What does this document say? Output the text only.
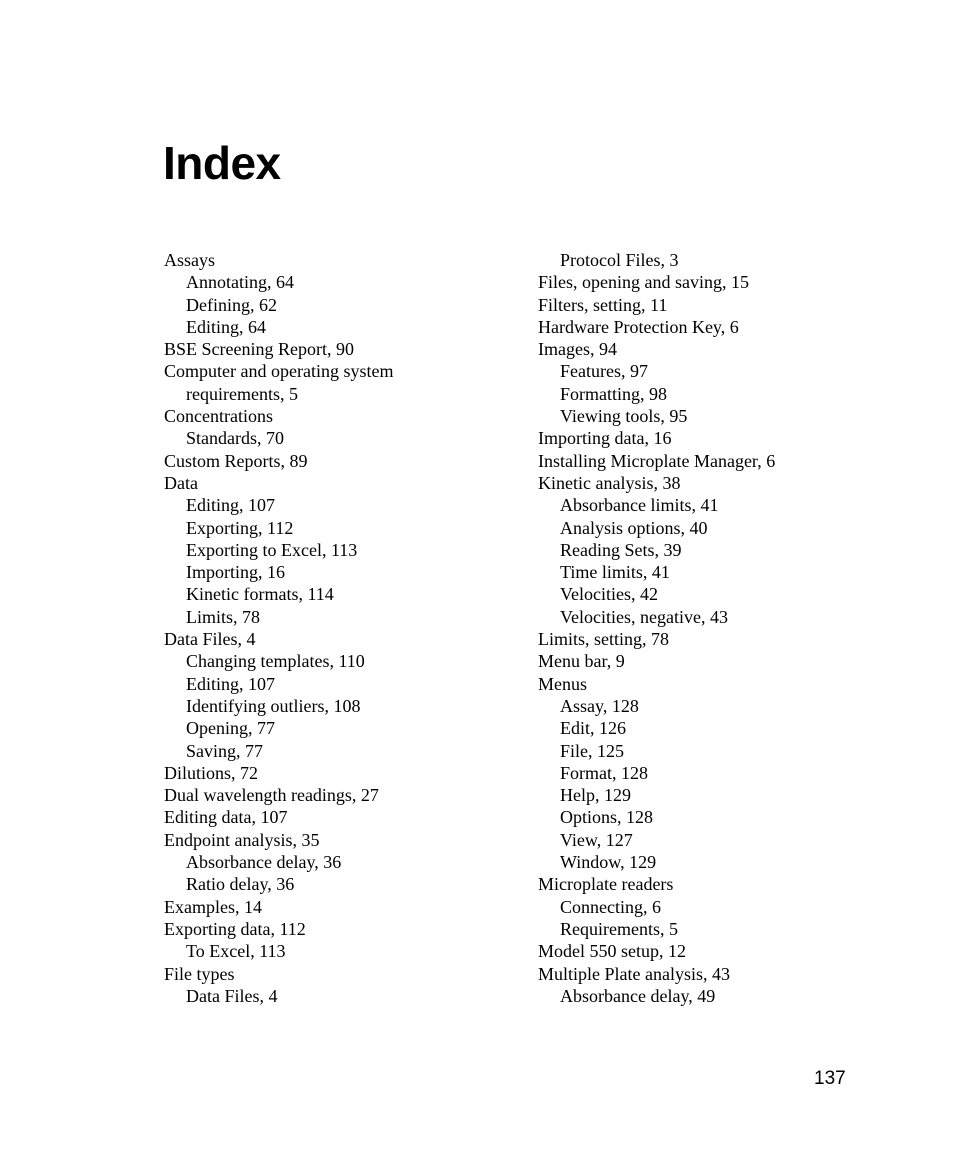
Index
Assays
Annotating, 64
Defining, 62
Editing, 64
BSE Screening Report, 90
Computer and operating system
requirements, 5
Concentrations
Standards, 70
Custom Reports, 89
Data
Editing, 107
Exporting, 112
Exporting to Excel, 113
Importing, 16
Kinetic formats, 114
Limits, 78
Data Files, 4
Changing templates, 110
Editing, 107
Identifying outliers, 108
Opening, 77
Saving, 77
Dilutions, 72
Dual wavelength readings, 27
Editing data, 107
Endpoint analysis, 35
Absorbance delay, 36
Ratio delay, 36
Examples, 14
Exporting data, 112
To Excel, 113
File types
Data Files, 4
Protocol Files, 3
Files, opening and saving, 15
Filters, setting, 11
Hardware Protection Key, 6
Images, 94
Features, 97
Formatting, 98
Viewing tools, 95
Importing data, 16
Installing Microplate Manager, 6
Kinetic analysis, 38
Absorbance limits, 41
Analysis options, 40
Reading Sets, 39
Time limits, 41
Velocities, 42
Velocities, negative, 43
Limits, setting, 78
Menu bar, 9
Menus
Assay, 128
Edit, 126
File, 125
Format, 128
Help, 129
Options, 128
View, 127
Window, 129
Microplate readers
Connecting, 6
Requirements, 5
Model 550 setup, 12
Multiple Plate analysis, 43
Absorbance delay, 49
137
